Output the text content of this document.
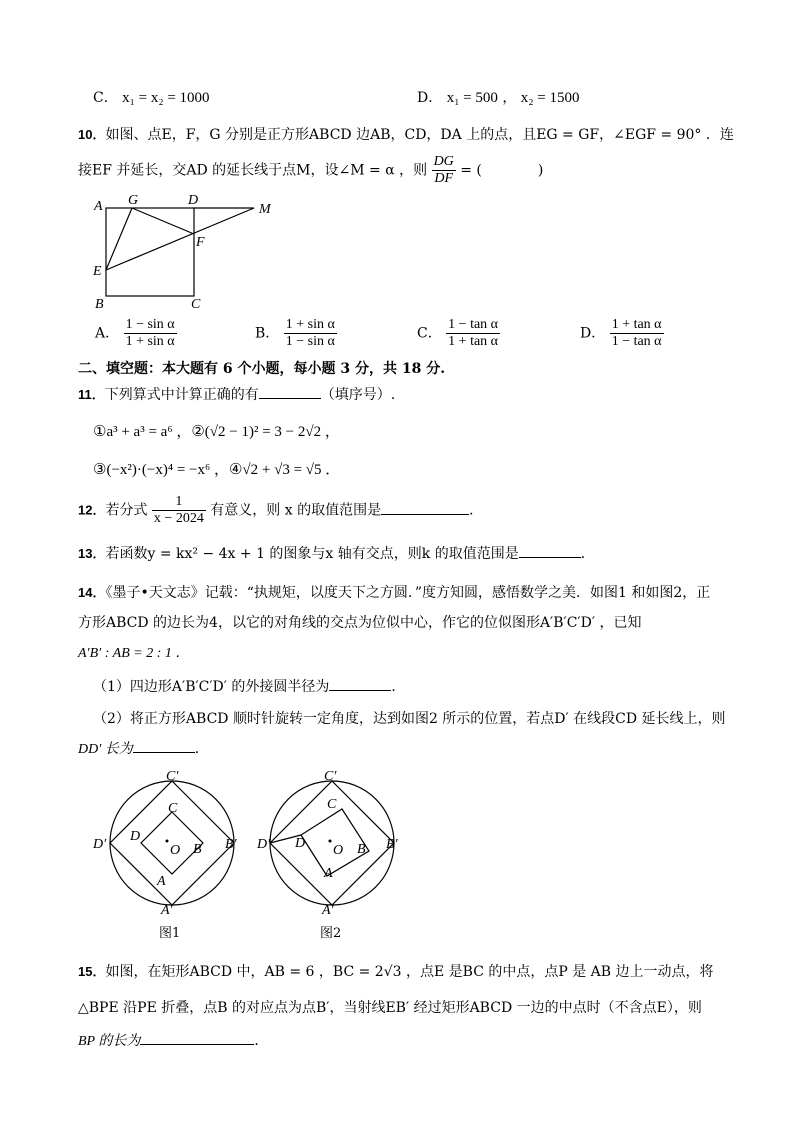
C． x₁ = x₂ = 1000	D． x₁ = 500 ， x₂ = 1500
10．如图、点E，F，G 分别是正方形ABCD 边AB，CD，DA 上的点，且EG = GF，∠EGF = 90° ．连
接EF 并延长，交AD 的延长线于点M，设∠M = α ，则 $\frac{DG}{DF}$ = (　　　　)
A G	D
M
F
E
B	C
A． $\frac{\text{1 − sin α}}{\text{1 + sin α}}$	B． $\frac{\text{1 + sin α}}{\text{1 − sin α}}$	C． $\frac{\text{1 − tan α}}{\text{1 + tan α}}$	D． $\frac{\text{1 + tan α}}{\text{1 − tan α}}$
二、填空题：本大题有 6 个小题，每小题 3 分，共 18 分.
11．下列算式中计算正确的有	（填序号）.
①a³ + a³ = a⁶ ，②(√2 − 1)² = 3 − 2√2 ，
③(−x²)·(−x)⁴ = −x⁶ ，④√2 + √3 = √5 ．
12．若分式 $\frac{1}{x - 2024}$ 有意义，则 x 的取值范围是	．
13．若函数y = kx² − 4x + 1 的图象与x 轴有交点，则k 的取值范围是	．
14．《墨子•天文志》记载：“执规矩，以度天下之方圆．”度方知圆，感悟数学之美．如图1 和如图2，正
方形ABCD 的边长为4，以它的对角线的交点为位似中心，作它的位似图形A′B′C′D′ ，已知
A′B′ : AB = 2 : 1 ．
（1）四边形A′B′C′D′ 的外接圆半径为	．
（2）将正方形ABCD 顺时针旋转一定角度，达到如图2 所示的位置，若点D′ 在线段CD 延长线上，则
DD′ 长为	．
C′
C
D
O B B′
D′
A
A′
图1
C′
C
D O B B′
D′
A
A′
图2
15．如图，在矩形ABCD 中，AB = 6 ，BC = 2√3 ，点E 是BC 的中点，点P 是 AB 边上一动点，将
△BPE 沿PE 折叠，点B 的对应点为点B′，当射线EB′ 经过矩形ABCD 一边的中点时（不含点E），则
BP 的长为	．
